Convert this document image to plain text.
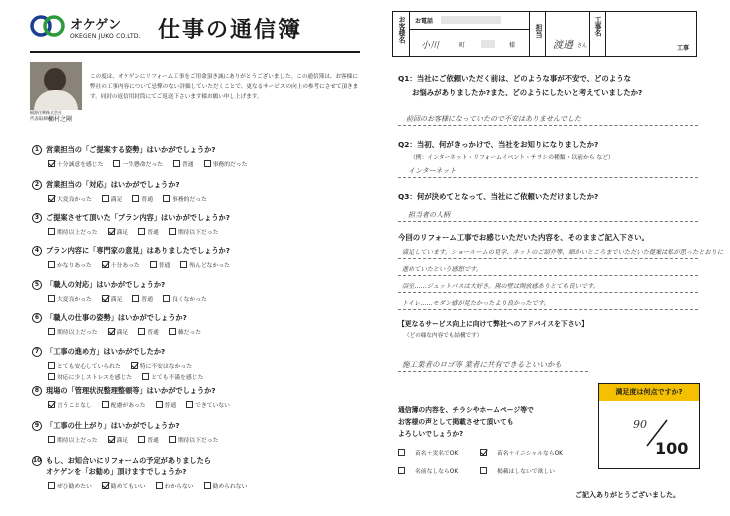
オケゲン
OKEGEN JUKO CO.LTD. 仕事の通信簿
桶源住興株式会社
代表取締役
桶村之剛
この度は、オケゲンにリフォーム工事をご用命頂き誠にありがとうございました。この通信簿は、お客様に弊社の工事内容について忌憚のない評価していただくことで、更なるサービスの向上の参考にさせて頂きます。同封の返信用封筒にてご返送下さいます様お願い申し上げます。
1 営業担当の「ご提案する姿勢」はいかがでしょうか?
十分誠意を感じた	一生懸命だった	普通	事務的だった
2 営業担当の「対応」はいかがでしょうか?
大変良かった	満足	普通	事務的だった
3 ご提案させて頂いた「プラン内容」はいかがでしょうか?
期待以上だった	満足	普通	期待以下だった
4 プラン内容に「専門家の意見」はありましたでしょうか?
かなりあった	十分あった	普通	殆んどなかった
5 「職人の対応」はいかがでしょうか?
大変良かった	満足	普通	良くなかった
6 「職人の仕事の姿勢」はいかがでしょうか?
期待以上だった	満足	普通	雑だった
7 「工事の進め方」はいかがでしたか?
とても安心していられた	特に不安はなかった
対応に少しストレスを感じた	とても不満を感じた
8 現場の「管理状況整理整頓等」はいかがでしょうか?
言うことなし	配慮があった	普通	できていない
9 「工事の仕上がり」はいかがでしょうか?
期待以上だった	満足	普通	期待以下だった
10 もし、お知合いにリフォームの予定がありましたら
オケゲンを「お勧め」頂けますでしょうか?
ぜひ勧めたい	勧めてもいい	わからない	勧められない
お客様名 お電話
小川	町	様
担当
渡邉 さん
工事名
工事
Q1：当社にご依頼いただく前は、どのような事が不安で、どのような
お悩みがありましたか?また、どのようにしたいと考えていましたか?
前回のお客様になっていたので不安はありませんでした
Q2：当初、何がきっかけで、当社をお知りになりましたか?
（例：インターネット・リフォームイベント・チラシの種類・以前から など）
インターネット
Q3：何が決めてとなって、当社にご依頼いただけましたか?
担当者の人柄
今回のリフォーム工事でお感じいただいた内容を、そのままご記入下さい。
満足しています。ショールームの見学、ネットのご紹介等、細かいところまでいただいた提案は私が思ったとおりに
進めていたという感想です。
浴室……ジェットバスは大好き。黒の壁は開放感ありとても良いです。
トイレ……モダン感が見たかったより良かったです。
【更なるサービス向上に向けて弊社へのアドバイスを下さい】
（どの様な内容でも結構です）
施工業者のロゴ等 業者に共有できるといいかも
通信簿の内容を、チラシやホームページ等で
お客様の声として掲載させて頂いても
よろしいでしょうか?
苗名＋実名でOK	苗名＋イニシャルならOK
名前なしならOK	掲載はしないで欲しい
満足度は何点ですか?
90
100
ご記入ありがとうございました。
